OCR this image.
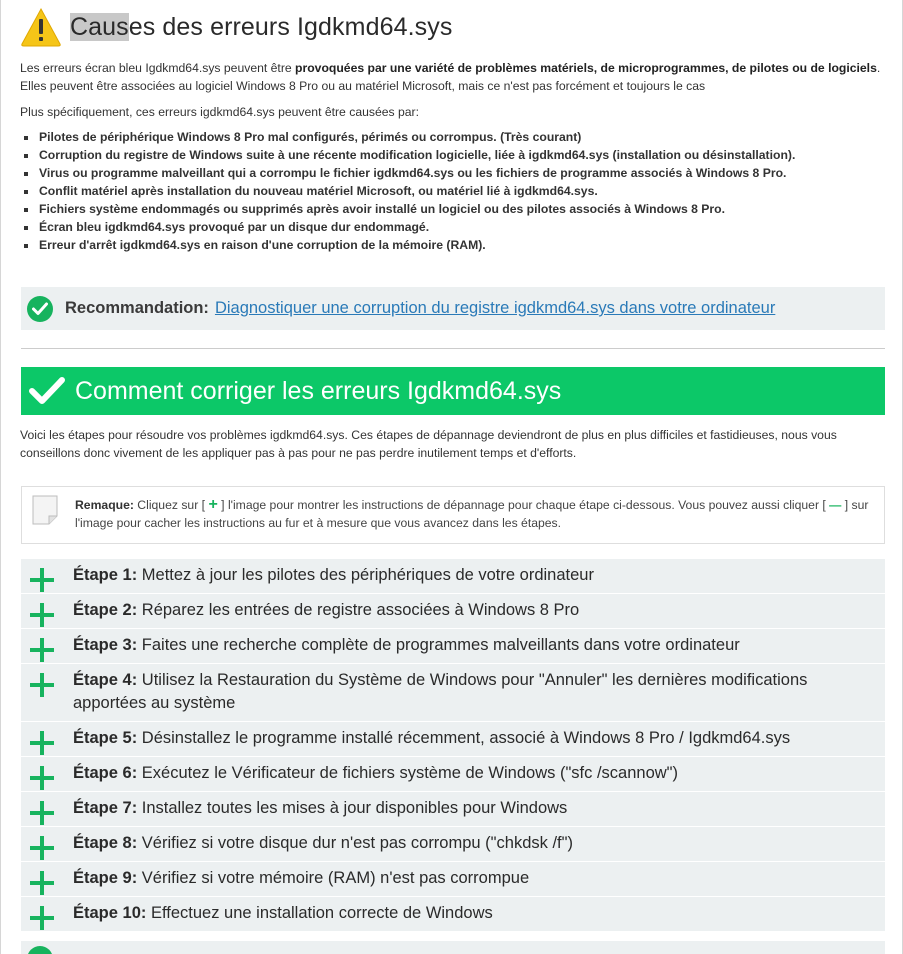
Causes des erreurs Igdkmd64.sys

Les erreurs écran bleu Igdkmd64.sys peuvent être provoquées par une variété de problèmes matériels, de microprogrammes, de pilotes ou de logiciels. Elles peuvent être associées au logiciel Windows 8 Pro ou au matériel Microsoft, mais ce n'est pas forcément et toujours le cas

Plus spécifiquement, ces erreurs igdkmd64.sys peuvent être causées par:

Pilotes de périphérique Windows 8 Pro mal configurés, périmés ou corrompus. (Très courant)
Corruption du registre de Windows suite à une récente modification logicielle, liée à igdkmd64.sys (installation ou désinstallation).
Virus ou programme malveillant qui a corrompu le fichier igdkmd64.sys ou les fichiers de programme associés à Windows 8 Pro.
Conflit matériel après installation du nouveau matériel Microsoft, ou matériel lié à igdkmd64.sys.
Fichiers système endommagés ou supprimés après avoir installé un logiciel ou des pilotes associés à Windows 8 Pro.
Écran bleu igdkmd64.sys provoqué par un disque dur endommagé.
Erreur d'arrêt igdkmd64.sys en raison d'une corruption de la mémoire (RAM).
Recommandation: Diagnostiquer une corruption du registre igdkmd64.sys dans votre ordinateur
Comment corriger les erreurs Igdkmd64.sys

Voici les étapes pour résoudre vos problèmes igdkmd64.sys. Ces étapes de dépannage deviendront de plus en plus difficiles et fastidieuses, nous vous conseillons donc vivement de les appliquer pas à pas pour ne pas perdre inutilement temps et d'efforts.

Remaque: Cliquez sur [ + ] l'image pour montrer les instructions de dépannage pour chaque étape ci-dessous. Vous pouvez aussi cliquer [ — ] sur l'image pour cacher les instructions au fur et à mesure que vous avancez dans les étapes.

Étape 1: Mettez à jour les pilotes des périphériques de votre ordinateur
Étape 2: Réparez les entrées de registre associées à Windows 8 Pro
Étape 3: Faites une recherche complète de programmes malveillants dans votre ordinateur
Étape 4: Utilisez la Restauration du Système de Windows pour "Annuler" les dernières modifications apportées au système
Étape 5: Désinstallez le programme installé récemment, associé à Windows 8 Pro / Igdkmd64.sys
Étape 6: Exécutez le Vérificateur de fichiers système de Windows ("sfc /scannow")
Étape 7: Installez toutes les mises à jour disponibles pour Windows
Étape 8: Vérifiez si votre disque dur n'est pas corrompu ("chkdsk /f")
Étape 9: Vérifiez si votre mémoire (RAM) n'est pas corrompue
Étape 10: Effectuez une installation correcte de Windows
